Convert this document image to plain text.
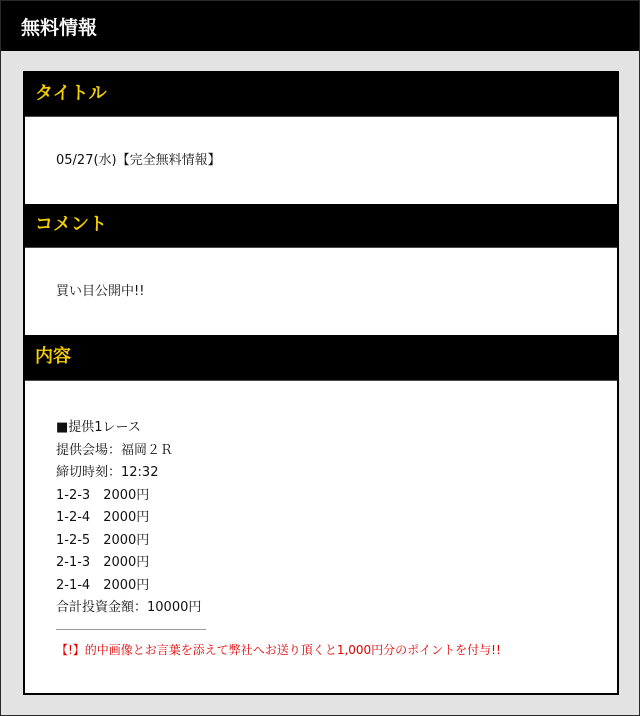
無料情報
タイトル
05/27(水)【完全無料情報】
コメント
買い目公開中!!
内容
■提供1レース
提供会場：福岡２Ｒ
締切時刻：12:32
1-2-3　2000円
1-2-4　2000円
1-2-5　2000円
2-1-3　2000円
2-1-4　2000円
合計投資金額：10000円
【!】的中画像とお言葉を添えて弊社へお送り頂くと1,000円分のポイントを付与!!
